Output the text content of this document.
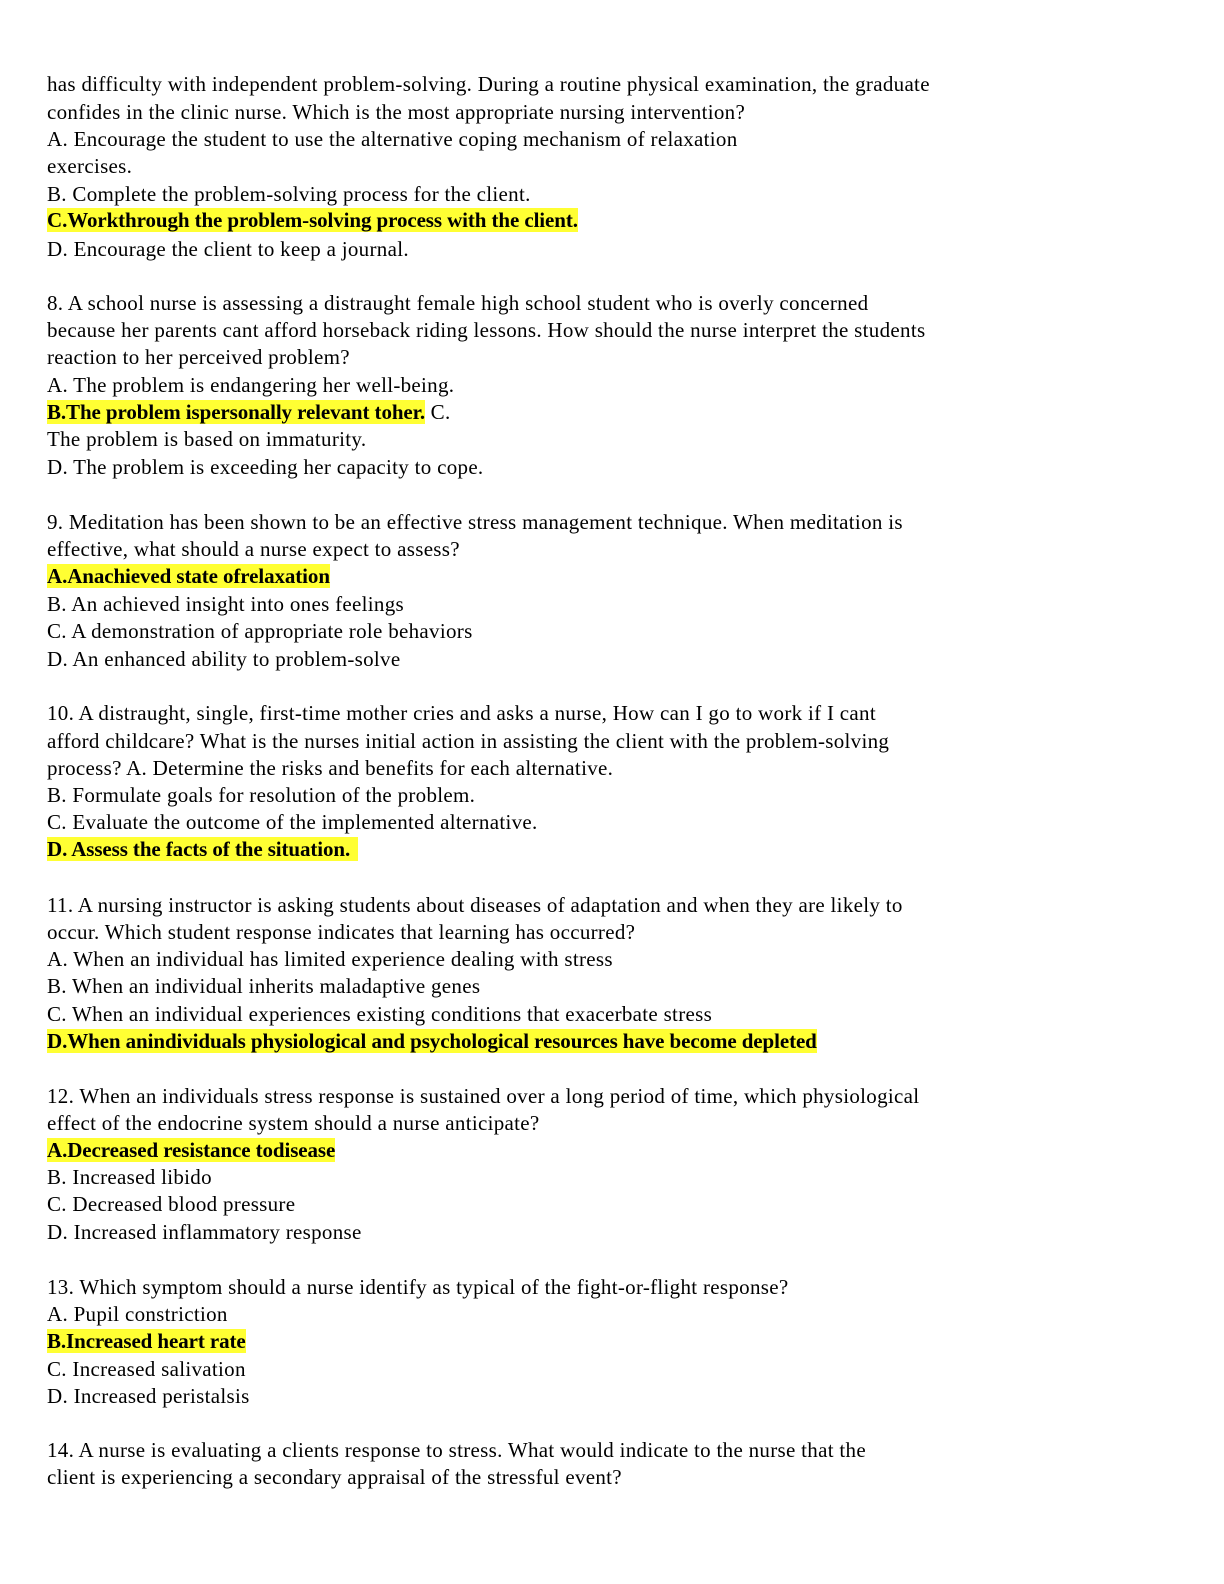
has difficulty with independent problem-solving. During a routine physical examination, the graduate
confides in the clinic nurse. Which is the most appropriate nursing intervention?
A. Encourage the student to use the alternative coping mechanism of relaxation
exercises.
B. Complete the problem-solving process for the client.
C.Workthrough the problem-solving process with the client.
D. Encourage the client to keep a journal.
8. A school nurse is assessing a distraught female high school student who is overly concerned
because her parents cant afford horseback riding lessons. How should the nurse interpret the students
reaction to her perceived problem?
A. The problem is endangering her well-being.
B.The problem ispersonally relevant toher. C.
The problem is based on immaturity.
D. The problem is exceeding her capacity to cope.
9. Meditation has been shown to be an effective stress management technique. When meditation is
effective, what should a nurse expect to assess?
A.Anachieved state ofrelaxation
B. An achieved insight into ones feelings
C. A demonstration of appropriate role behaviors
D. An enhanced ability to problem-solve
10. A distraught, single, first-time mother cries and asks a nurse, How can I go to work if I cant
afford childcare? What is the nurses initial action in assisting the client with the problem-solving
process? A. Determine the risks and benefits for each alternative.
B. Formulate goals for resolution of the problem.
C. Evaluate the outcome of the implemented alternative.
D. Assess the facts of the situation.
11. A nursing instructor is asking students about diseases of adaptation and when they are likely to
occur. Which student response indicates that learning has occurred?
A. When an individual has limited experience dealing with stress
B. When an individual inherits maladaptive genes
C. When an individual experiences existing conditions that exacerbate stress
D.When anindividuals physiological and psychological resources have become depleted
12. When an individuals stress response is sustained over a long period of time, which physiological
effect of the endocrine system should a nurse anticipate?
A.Decreased resistance todisease
B. Increased libido
C. Decreased blood pressure
D. Increased inflammatory response
13. Which symptom should a nurse identify as typical of the fight-or-flight response?
A. Pupil constriction
B.Increased heart rate
C. Increased salivation
D. Increased peristalsis
14. A nurse is evaluating a clients response to stress. What would indicate to the nurse that the
client is experiencing a secondary appraisal of the stressful event?
